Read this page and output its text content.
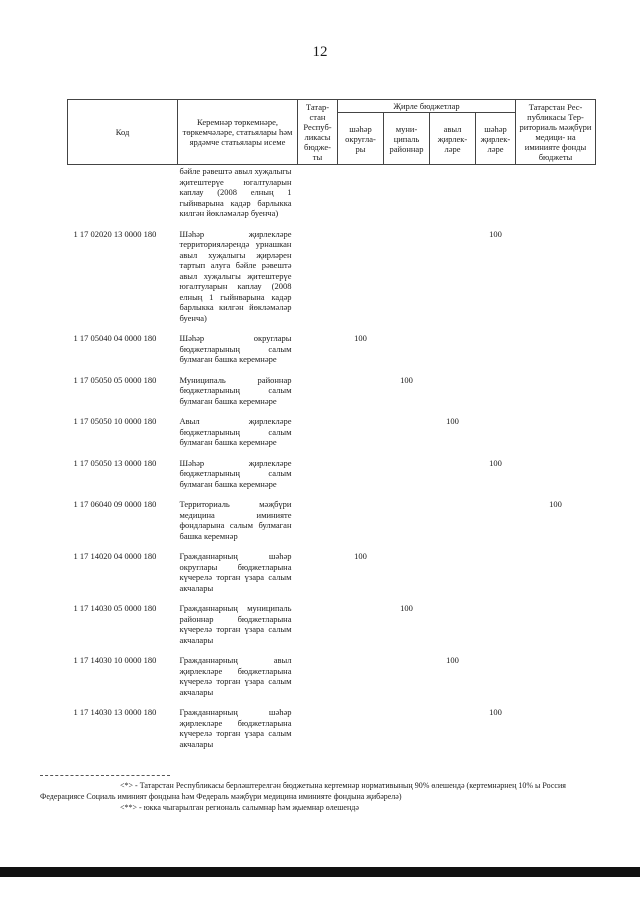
12
Код	Керемнәр төркемнәре, төркемчәләре, статьялары һәм ярдәмче статьялары исеме	Татар- стан Респуб- ликасы бюдже- ты	Җирле бюджетлар				Татарстан Рес- публикасы Тер- риториаль мәҗбүри медици- на иминияте фонды бюджеты
			шәһәр округла- ры	муни- ципаль районнар	авыл җирлек- ләре	шәһәр җирлек- ләре	
	бәйле рәвештә авыл хуҗалыгы җитештерүе югалтуларын каплау (2008 елның 1 гыйнварына кадәр барлыкка килгән йөкләмәләр буенча)						
1 17 02020 13 0000 180	Шәһәр җирлекләре территорияләрендә урнашкан авыл хуҗалыгы җирләрен тартып алуга бәйле рәвештә авыл хуҗалыгы җитештерүе югалтуларын каплау (2008 елның 1 гыйнварына кадәр барлыкка килгән йөкләмәләр буенча)					100	
1 17 05040 04 0000 180	Шәһәр округлары бюджетларының салым булмаган башка керемнәре		100				
1 17 05050 05 0000 180	Муниципаль районнар бюджетларының салым булмаган башка керемнәре			100			
1 17 05050 10 0000 180	Авыл җирлекләре бюджетларының салым булмаган башка керемнәре				100		
1 17 05050 13 0000 180	Шәһәр җирлекләре бюджетларының салым булмаган башка керемнәре					100	
1 17 06040 09 0000 180	Территориаль мәҗбүри медицина иминияте фондларына салым булмаган башка керемнәр						100
1 17 14020 04 0000 180	Гражданнарның шәһәр округлары бюджетларына күчерелә торган үзара салым акчалары		100				
1 17 14030 05 0000 180	Гражданнарның муниципаль районнар бюджетларына күчерелә торган үзара салым акчалары			100			
1 17 14030 10 0000 180	Гражданнарның авыл җирлекләре бюджетларына күчерелә торган үзара салым акчалары				100		
1 17 14030 13 0000 180	Гражданнарның шәһәр җирлекләре бюджетларына күчерелә торган үзара салым акчалары					100	

<*> - Татарстан Республикасы берләштерелгән бюджетына кертемнәр нормативының 90% өлешендә (кертемнәрнең 10% ы Россия Федерациясе Социаль иминият фондына һәм Федераль мәҗбүри медицина иминияте фондына җибәрелә)

<**> - юкка чыгарылган региональ салымнар һәм җыемнар өлешендә
